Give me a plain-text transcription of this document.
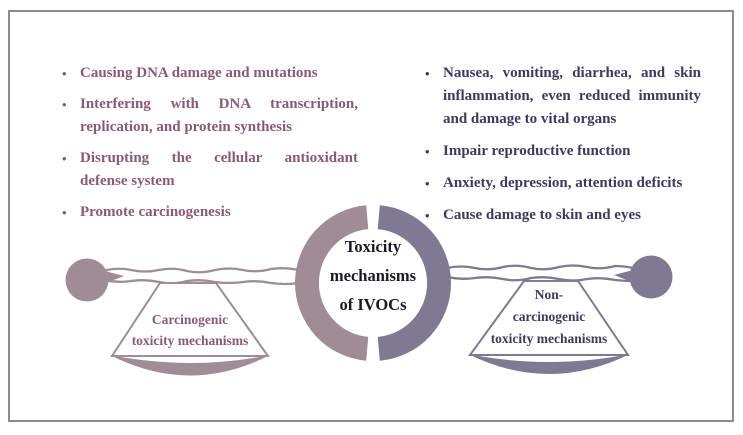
• Causing DNA damage and mutations
• Interfering with DNA transcription,
replication, and protein synthesis
• Disrupting the cellular antioxidant
defense system
• Promote carcinogenesis
• Nausea, vomiting, diarrhea, and skin
inflammation, even reduced immunity
and damage to vital organs
• Impair reproductive function
• Anxiety, depression, attention deficits
• Cause damage to skin and eyes
Toxicity
mechanisms
of IVOCs
Carcinogenic
toxicity mechanisms
Non-
carcinogenic
toxicity mechanisms
